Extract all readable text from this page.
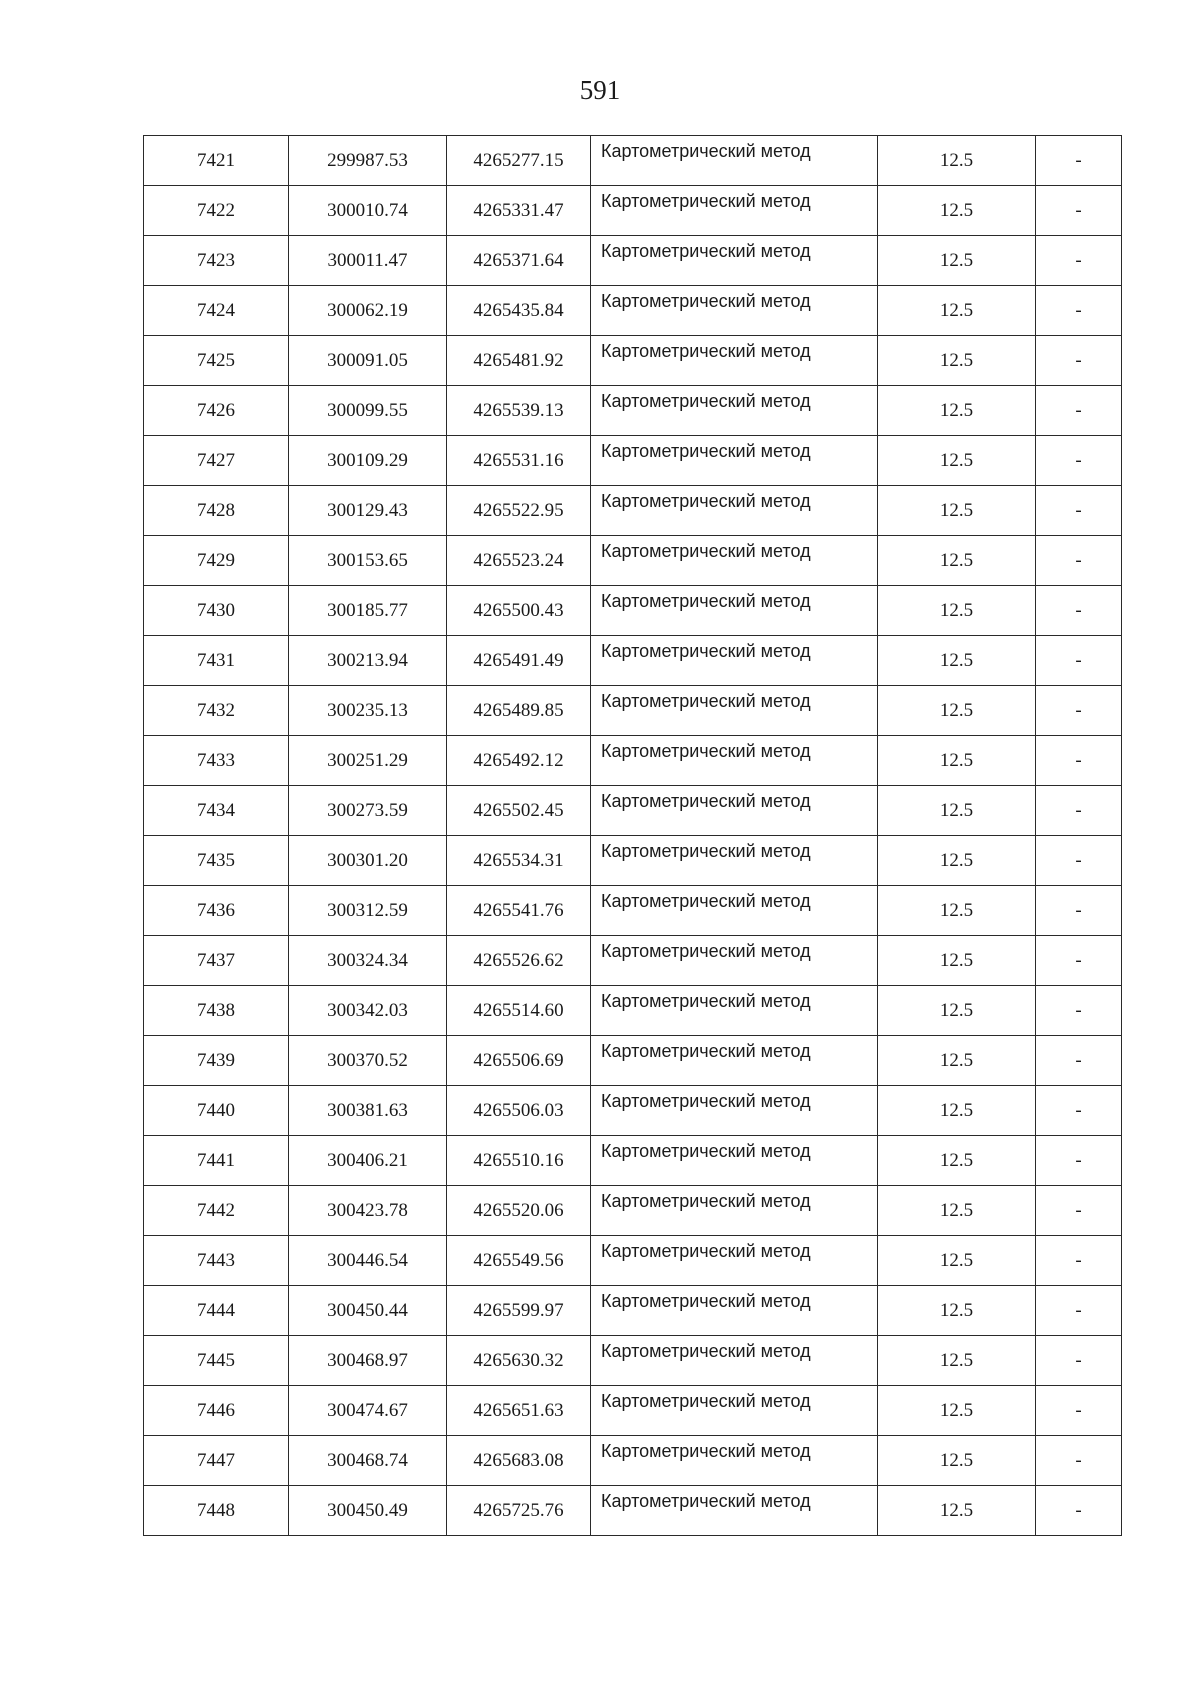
591
7421	299987.53	4265277.15	Картометрический метод	12.5	-
7422	300010.74	4265331.47	Картометрический метод	12.5	-
7423	300011.47	4265371.64	Картометрический метод	12.5	-
7424	300062.19	4265435.84	Картометрический метод	12.5	-
7425	300091.05	4265481.92	Картометрический метод	12.5	-
7426	300099.55	4265539.13	Картометрический метод	12.5	-
7427	300109.29	4265531.16	Картометрический метод	12.5	-
7428	300129.43	4265522.95	Картометрический метод	12.5	-
7429	300153.65	4265523.24	Картометрический метод	12.5	-
7430	300185.77	4265500.43	Картометрический метод	12.5	-
7431	300213.94	4265491.49	Картометрический метод	12.5	-
7432	300235.13	4265489.85	Картометрический метод	12.5	-
7433	300251.29	4265492.12	Картометрический метод	12.5	-
7434	300273.59	4265502.45	Картометрический метод	12.5	-
7435	300301.20	4265534.31	Картометрический метод	12.5	-
7436	300312.59	4265541.76	Картометрический метод	12.5	-
7437	300324.34	4265526.62	Картометрический метод	12.5	-
7438	300342.03	4265514.60	Картометрический метод	12.5	-
7439	300370.52	4265506.69	Картометрический метод	12.5	-
7440	300381.63	4265506.03	Картометрический метод	12.5	-
7441	300406.21	4265510.16	Картометрический метод	12.5	-
7442	300423.78	4265520.06	Картометрический метод	12.5	-
7443	300446.54	4265549.56	Картометрический метод	12.5	-
7444	300450.44	4265599.97	Картометрический метод	12.5	-
7445	300468.97	4265630.32	Картометрический метод	12.5	-
7446	300474.67	4265651.63	Картометрический метод	12.5	-
7447	300468.74	4265683.08	Картометрический метод	12.5	-
7448	300450.49	4265725.76	Картометрический метод	12.5	-
